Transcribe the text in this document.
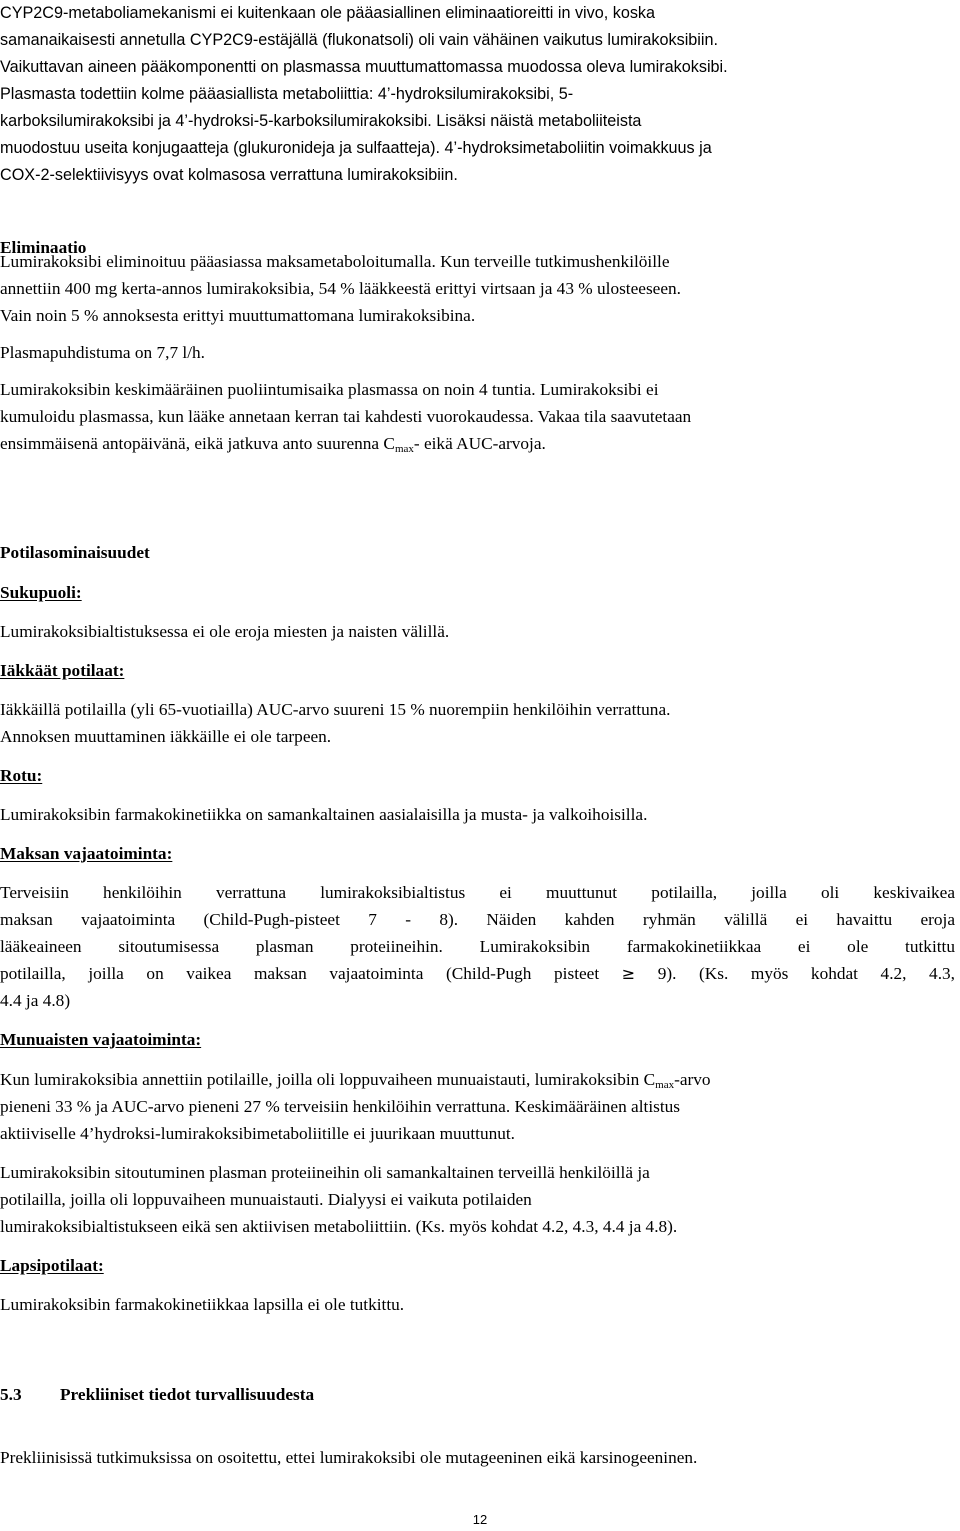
CYP2C9-metaboliamekanismi ei kuitenkaan ole pääasiallinen eliminaatioreitti in vivo, koska
samanaikaisesti annetulla CYP2C9-estäjällä (flukonatsoli) oli vain vähäinen vaikutus lumirakoksibiin.
Vaikuttavan aineen pääkomponentti on plasmassa muuttumattomassa muodossa oleva lumirakoksibi.
Plasmasta todettiin kolme pääasiallista metaboliittia: 4’-hydroksilumirakoksibi, 5-
karboksilumirakoksibi ja 4’-hydroksi-5-karboksilumirakoksibi. Lisäksi näistä metaboliiteista
muodostuu useita konjugaatteja (glukuronideja ja sulfaatteja). 4’-hydroksimetaboliitin voimakkuus ja
COX-2-selektiivisyys ovat kolmasosa verrattuna lumirakoksibiin.
Eliminaatio
12
Lumirakoksibi eliminoituu pääasiassa maksametaboloitumalla. Kun terveille tutkimushenkilöille
annettiin 400 mg kerta-annos lumirakoksibia, 54 % lääkkeestä erittyi virtsaan ja 43 % ulosteeseen.
Vain noin 5 % annoksesta erittyi muuttumattomana lumirakoksibina.
Plasmapuhdistuma on 7,7 l/h.
Lumirakoksibin keskimääräinen puoliintumisaika plasmassa on noin 4 tuntia. Lumirakoksibi ei
kumuloidu plasmassa, kun lääke annetaan kerran tai kahdesti vuorokaudessa. Vakaa tila saavutetaan
ensimmäisenä antopäivänä, eikä jatkuva anto suurenna $C_{max}-$ eikä AUC-arvoja.
Potilasominaisuudet
Sukupuoli:
Lumirakoksibialtistuksessa ei ole eroja miesten ja naisten välillä.
Iäkkäät potilaat:
Iäkkäillä potilailla (yli 65-vuotiailla) AUC-arvo suureni 15 % nuorempiin henkilöihin verrattuna.
Annoksen muuttaminen iäkkäille ei ole tarpeen.
Rotu:
Lumirakoksibin farmakokinetiikka on samankaltainen aasialaisilla ja musta- ja valkoihoisilla.
Maksan vajaatoiminta:
Terveisiin henkilöihin verrattuna lumirakoksibialtistus ei muuttunut potilailla, joilla oli keskivaikea
maksan vajaatoiminta (Child-Pugh-pisteet 7 - 8). Näiden kahden ryhmän välillä ei havaittu eroja
lääkeaineen sitoutumisessa plasman proteiineihin. Lumirakoksibin farmakokinetiikkaa ei ole tutkittu
potilailla, joilla on vaikea maksan vajaatoiminta (Child-Pugh pisteet ≥ 9). (Ks. myös kohdat 4.2, 4.3,
4.4 ja 4.8)
Munuaisten vajaatoiminta:
Kun lumirakoksibia annettiin potilaille, joilla oli loppuvaiheen munuaistauti, lumirakoksibin $C_{max}$-arvo
pieneni 33 % ja AUC-arvo pieneni 27 % terveisiin henkilöihin verrattuna. Keskimääräinen altistus
aktiiviselle 4’hydroksi-lumirakoksibimetaboliitille ei juurikaan muuttunut.
Lumirakoksibin sitoutuminen plasman proteiineihin oli samankaltainen terveillä henkilöillä ja
potilailla, joilla oli loppuvaiheen munuaistauti. Dialyysi ei vaikuta potilaiden
lumirakoksibialtistukseen eikä sen aktiivisen metaboliittiin. (Ks. myös kohdat 4.2, 4.3, 4.4 ja 4.8).
Lapsipotilaat:
Lumirakoksibin farmakokinetiikkaa lapsilla ei ole tutkittu.
5.3 Prekliiniset tiedot turvallisuudesta
Prekliinisissä tutkimuksissa on osoitettu, ettei lumirakoksibi ole mutageeninen eikä karsinogeeninen.
